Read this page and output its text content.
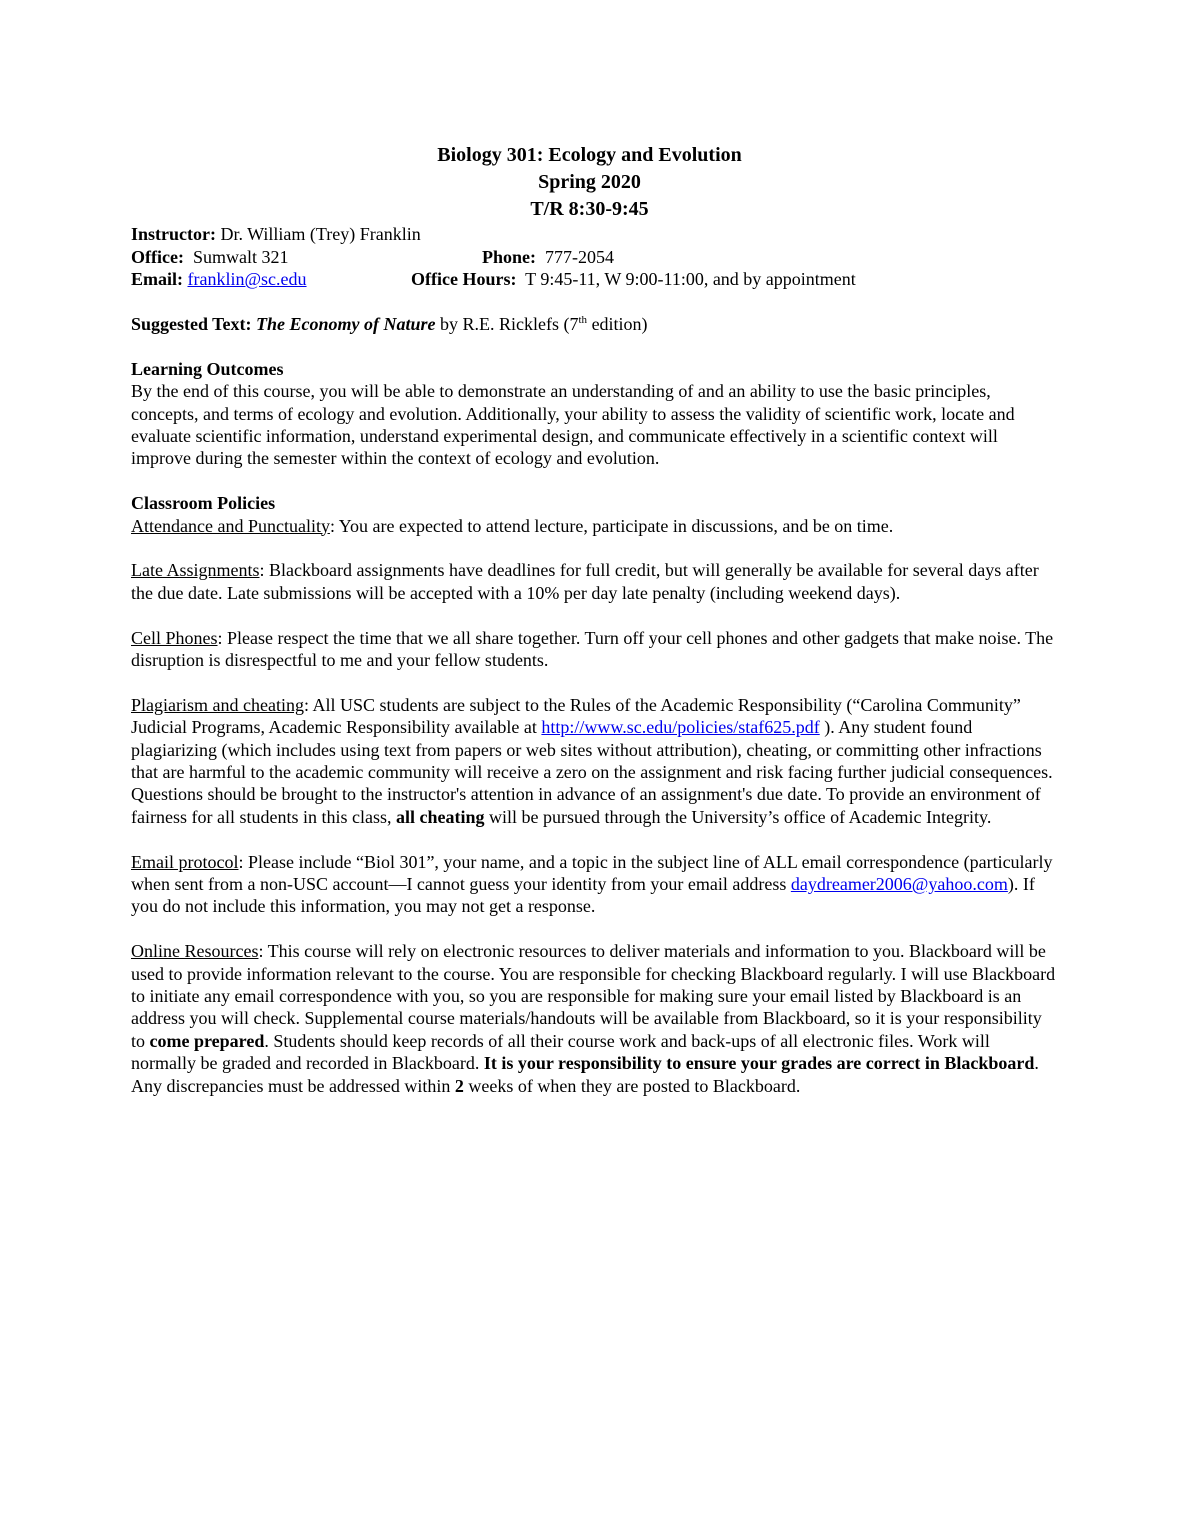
Biology 301: Ecology and Evolution
Spring 2020
T/R 8:30-9:45
Instructor: Dr. William (Trey) Franklin
Office: Sumwalt 321	Phone: 777-2054
Email: franklin@sc.edu	Office Hours: T 9:45-11, W 9:00-11:00, and by appointment

Suggested Text: The Economy of Nature by R.E. Ricklefs (7th edition)

Learning Outcomes

By the end of this course, you will be able to demonstrate an understanding of and an ability to use the basic principles, concepts, and terms of ecology and evolution. Additionally, your ability to assess the validity of scientific work, locate and evaluate scientific information, understand experimental design, and communicate effectively in a scientific context will improve during the semester within the context of ecology and evolution.

Classroom Policies

Attendance and Punctuality: You are expected to attend lecture, participate in discussions, and be on time.

Late Assignments: Blackboard assignments have deadlines for full credit, but will generally be available for several days after the due date. Late submissions will be accepted with a 10% per day late penalty (including weekend days).

Cell Phones: Please respect the time that we all share together. Turn off your cell phones and other gadgets that make noise. The disruption is disrespectful to me and your fellow students.

Plagiarism and cheating: All USC students are subject to the Rules of the Academic Responsibility (“Carolina Community” Judicial Programs, Academic Responsibility available at http://www.sc.edu/policies/staf625.pdf ). Any student found plagiarizing (which includes using text from papers or web sites without attribution), cheating, or committing other infractions that are harmful to the academic community will receive a zero on the assignment and risk facing further judicial consequences. Questions should be brought to the instructor's attention in advance of an assignment's due date. To provide an environment of fairness for all students in this class, all cheating will be pursued through the University’s office of Academic Integrity.

Email protocol: Please include “Biol 301”, your name, and a topic in the subject line of ALL email correspondence (particularly when sent from a non-USC account—I cannot guess your identity from your email address daydreamer2006@yahoo.com). If you do not include this information, you may not get a response.

Online Resources: This course will rely on electronic resources to deliver materials and information to you. Blackboard will be used to provide information relevant to the course. You are responsible for checking Blackboard regularly. I will use Blackboard to initiate any email correspondence with you, so you are responsible for making sure your email listed by Blackboard is an address you will check. Supplemental course materials/handouts will be available from Blackboard, so it is your responsibility to come prepared. Students should keep records of all their course work and back-ups of all electronic files. Work will normally be graded and recorded in Blackboard. It is your responsibility to ensure your grades are correct in Blackboard. Any discrepancies must be addressed within 2 weeks of when they are posted to Blackboard.
